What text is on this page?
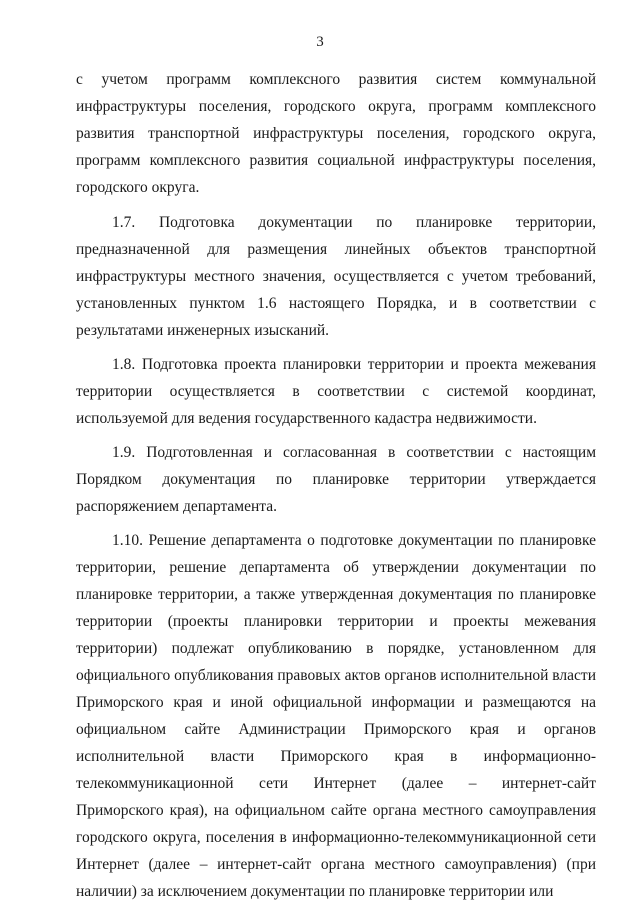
3
с учетом программ комплексного развития систем коммунальной
инфраструктуры поселения, городского округа, программ комплексного
развития транспортной инфраструктуры поселения, городского округа,
программ комплексного развития социальной инфраструктуры поселения,
городского округа.
1.7. Подготовка документации по планировке территории,
предназначенной для размещения линейных объектов транспортной
инфраструктуры местного значения, осуществляется с учетом требований,
установленных пунктом 1.6 настоящего Порядка, и в соответствии с
результатами инженерных изысканий.
1.8. Подготовка проекта планировки территории и проекта межевания
территории осуществляется в соответствии с системой координат,
используемой для ведения государственного кадастра недвижимости.
1.9. Подготовленная и согласованная в соответствии с настоящим
Порядком документация по планировке территории утверждается
распоряжением департамента.
1.10. Решение департамента о подготовке документации по планировке
территории, решение департамента об утверждении документации по
планировке территории, а также утвержденная документация по планировке
территории (проекты планировки территории и проекты межевания
территории) подлежат опубликованию в порядке, установленном для
официального опубликования правовых актов органов исполнительной власти
Приморского края и иной официальной информации и размещаются на
официальном сайте Администрации Приморского края и органов
исполнительной власти Приморского края в информационно-
телекоммуникационной сети Интернет (далее – интернет-сайт
Приморского края), на официальном сайте органа местного самоуправления
городского округа, поселения в информационно-телекоммуникационной сети
Интернет (далее – интернет-сайт органа местного самоуправления) (при
наличии) за исключением документации по планировке территории или
